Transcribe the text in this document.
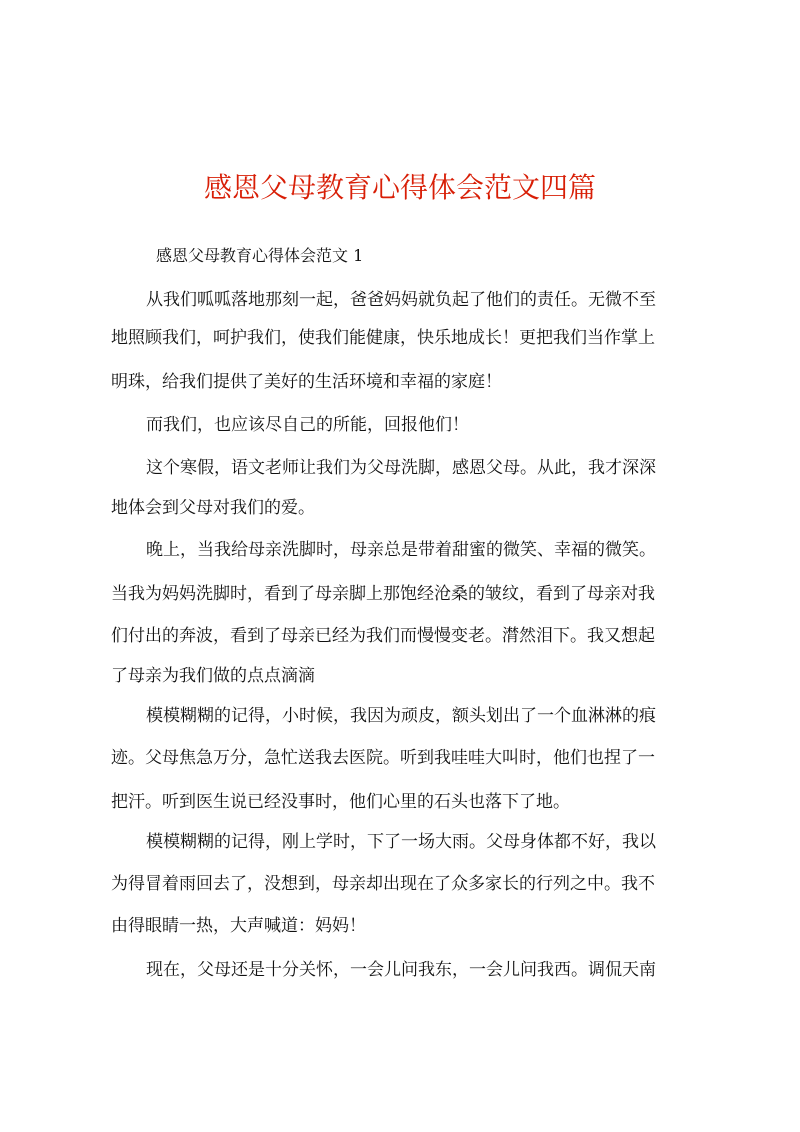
感恩父母教育心得体会范文四篇
感恩父母教育心得体会范文 1
从我们呱呱落地那刻一起，爸爸妈妈就负起了他们的责任。无微不至
地照顾我们，呵护我们，使我们能健康，快乐地成长！更把我们当作掌上
明珠，给我们提供了美好的生活环境和幸福的家庭！
而我们，也应该尽自己的所能，回报他们！
这个寒假，语文老师让我们为父母洗脚，感恩父母。从此，我才深深
地体会到父母对我们的爱。
晚上，当我给母亲洗脚时，母亲总是带着甜蜜的微笑、幸福的微笑。
当我为妈妈洗脚时，看到了母亲脚上那饱经沧桑的皱纹，看到了母亲对我
们付出的奔波，看到了母亲已经为我们而慢慢变老。潸然泪下。我又想起
了母亲为我们做的点点滴滴
模模糊糊的记得，小时候，我因为顽皮，额头划出了一个血淋淋的痕
迹。父母焦急万分，急忙送我去医院。听到我哇哇大叫时，他们也捏了一
把汗。听到医生说已经没事时，他们心里的石头也落下了地。
模模糊糊的记得，刚上学时，下了一场大雨。父母身体都不好，我以
为得冒着雨回去了，没想到，母亲却出现在了众多家长的行列之中。我不
由得眼睛一热，大声喊道：妈妈！
现在，父母还是十分关怀，一会儿问我东，一会儿问我西。调侃天南
